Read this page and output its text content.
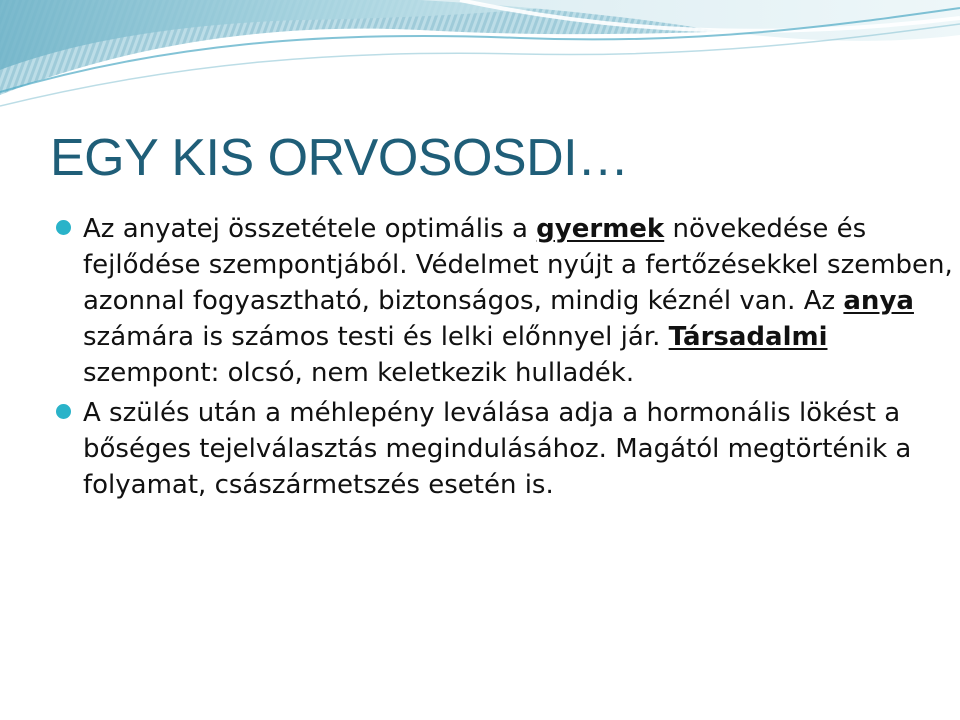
EGY KIS ORVOSOSDI…
Az anyatej összetétele optimális a gyermek növekedése és fejlődése szempontjából. Védelmet nyújt a fertőzésekkel szemben, azonnal fogyasztható, biztonságos, mindig kéznél van. Az anya számára is számos testi és lelki előnnyel jár. Társadalmi szempont: olcsó, nem keletkezik hulladék.
A szülés után a méhlepény leválása adja a hormonális lökést a bőséges tejelválasztás megindulásához. Magától megtörténik a folyamat, császármetszés esetén is.
